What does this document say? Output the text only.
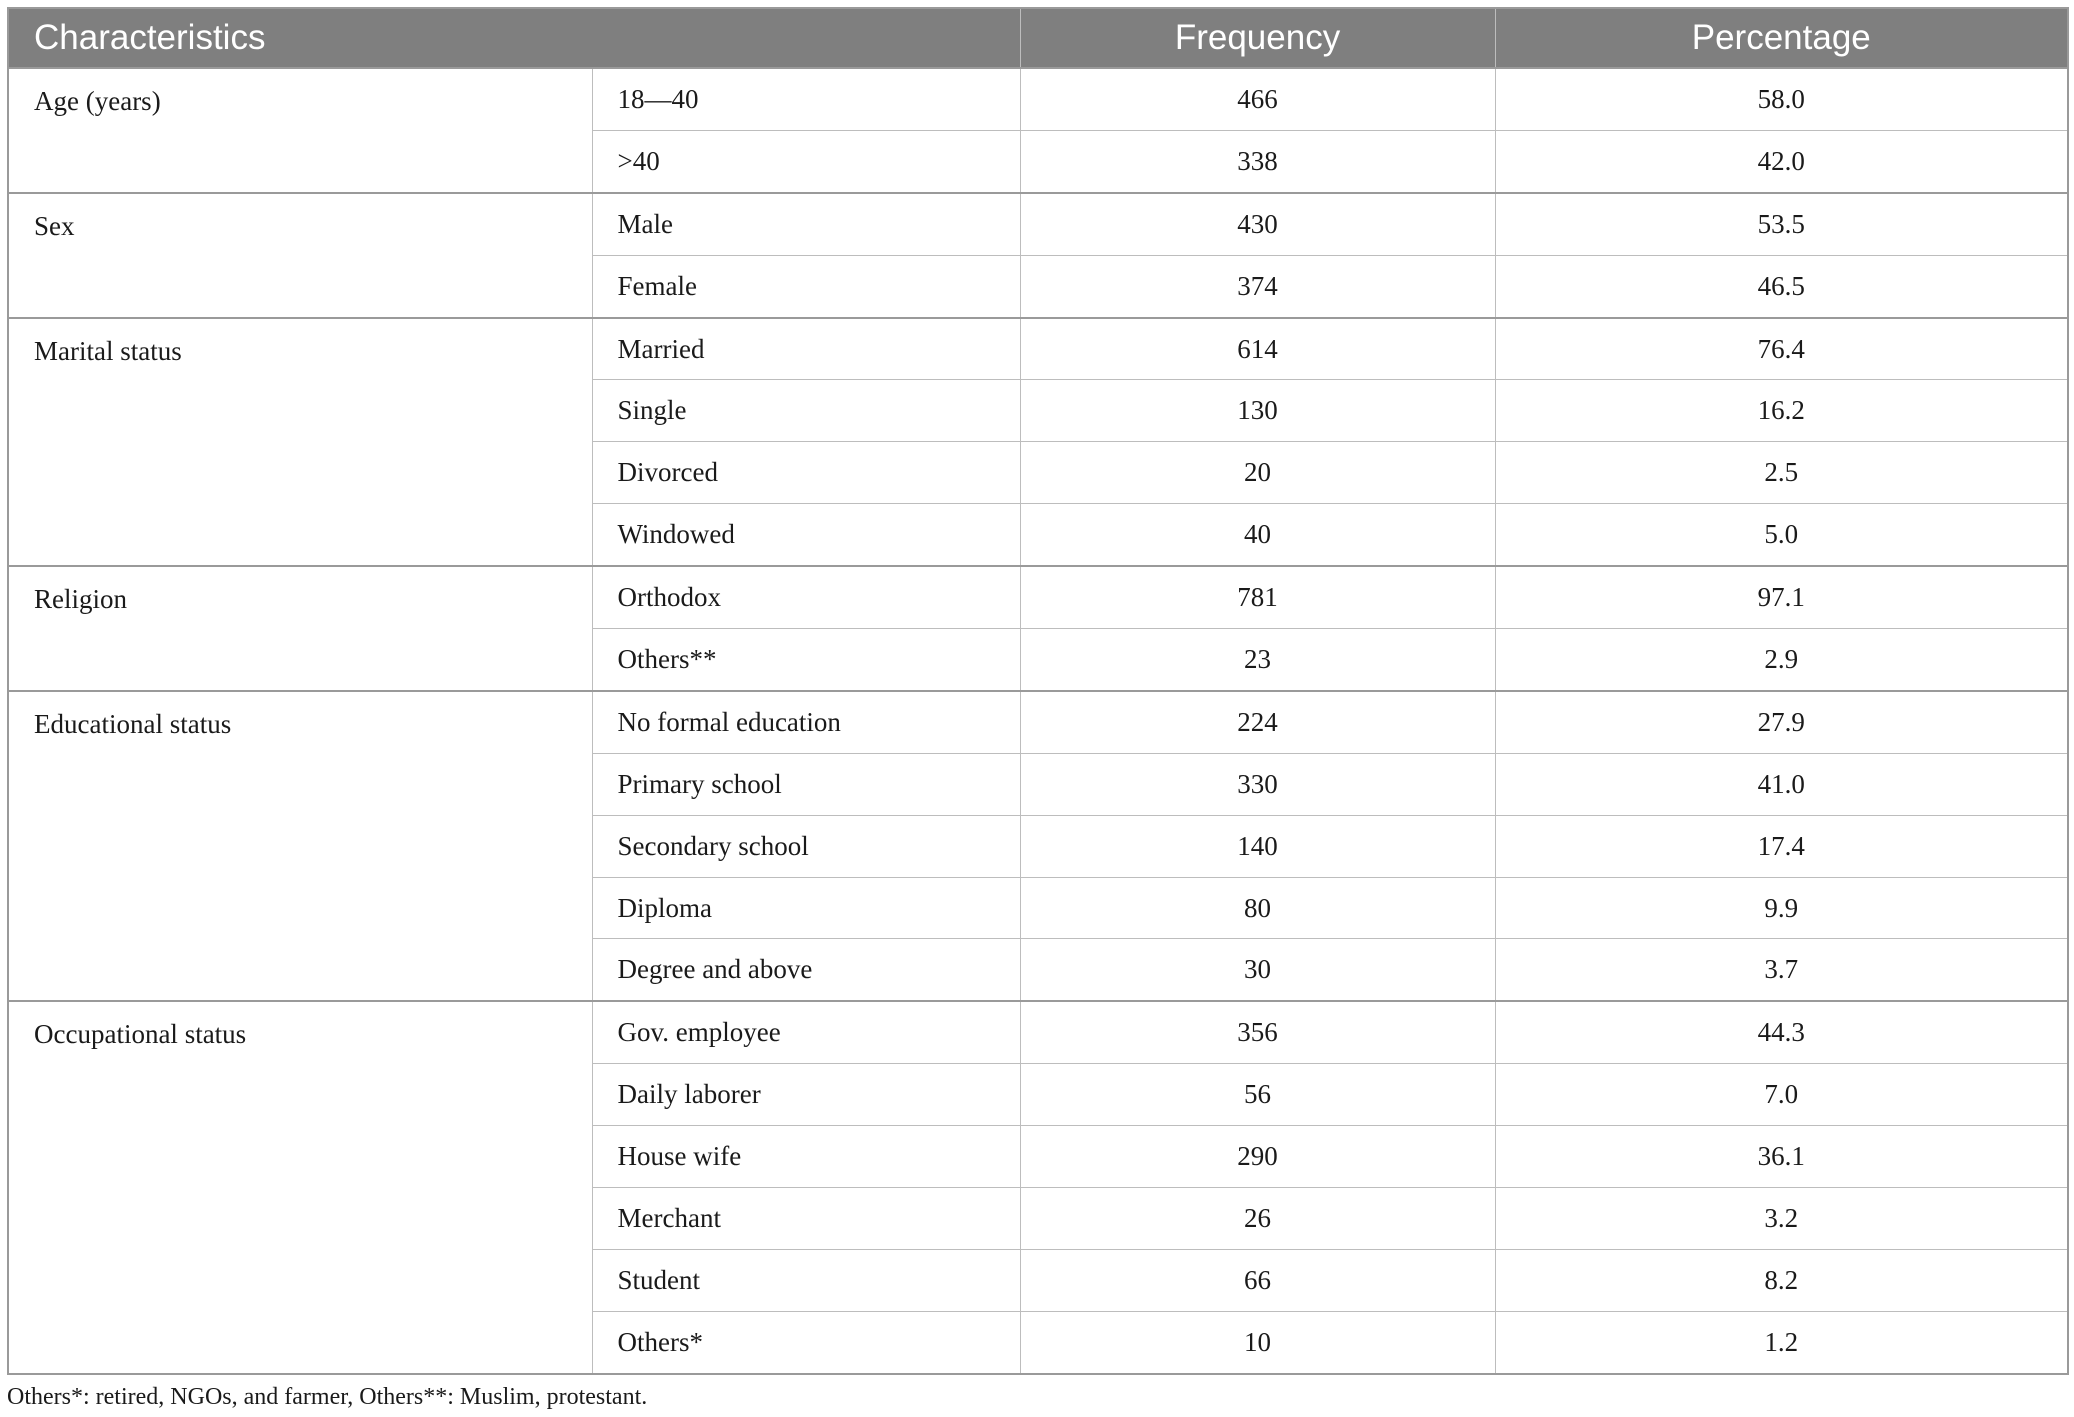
Characteristics		Frequency	Percentage
Age (years)	18—40	466	58.0
	>40	338	42.0
Sex	Male	430	53.5
	Female	374	46.5
Marital status	Married	614	76.4
	Single	130	16.2
	Divorced	20	2.5
	Windowed	40	5.0
Religion	Orthodox	781	97.1
	Others**	23	2.9
Educational status	No formal education	224	27.9
	Primary school	330	41.0
	Secondary school	140	17.4
	Diploma	80	9.9
	Degree and above	30	3.7
Occupational status	Gov. employee	356	44.3
	Daily laborer	56	7.0
	House wife	290	36.1
	Merchant	26	3.2
	Student	66	8.2
	Others*	10	1.2
Others*: retired, NGOs, and farmer, Others**: Muslim, protestant.
